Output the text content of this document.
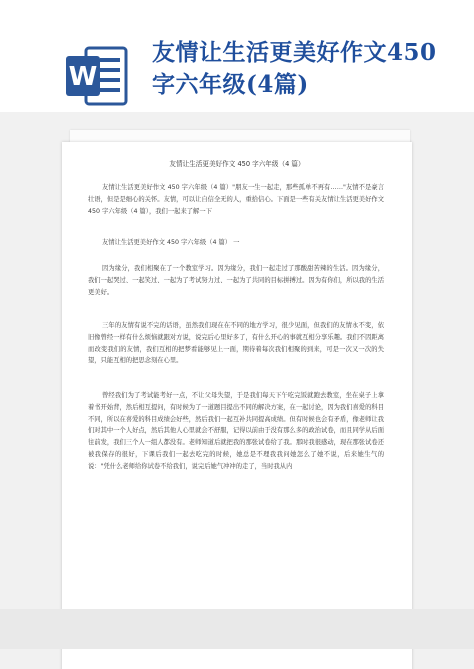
W
友情让生活更美好作文450字六年级(4篇)
友情让生活更美好作文 450 字六年级（4 篇）

友情让生活更美好作文 450 字六年级（4 篇）"朋友一生一起走，那些孤单不再有……"友情不是豪言壮语，但是是细心的关怀。友情，可以让自信全无的人，重拾信心。下面是一些有关友情让生活更美好作文 450 字六年级（4 篇），我们一起来了解一下

友情让生活更美好作文 450 字六年级（4 篇） 一

因为缘分，我们相聚在了一个教室学习。因为缘分，我们一起走过了那酸甜苦辣的生活。因为缘分，我们一起哭过、一起笑过、一起为了考试努力过、一起为了共同的目标拼搏过。因为有你们，所以我的生活更美好。

三年的友情有说不完的话语，虽然我们现在在不同的地方学习，很少见面，但我们的友情永不变，依旧像曾经一样有什么烦恼就跟对方说，说完后心里好多了，有什么开心的事就互相分享乐趣。我们不因距离而改变我们的友情，我们互相的把梦看能够见上一面，期待着每次我们相聚的到来，可是一次又一次的失望，只能互相的把思念刻在心里。

曾经我们为了考试能考好一点，不让父母失望，于是我们每天下午吃完饭就跑去教室，坐在桌子上拿着书开始背，然后相互提问，有时候为了一道题目提出不同的解决方案，在一起讨论，因为我们喜爱的科目不同，所以在喜爱的科目成绩会好些，然后我们一起互补共同提高成绩。但有时候也会有矛盾，像老师让我们对其中一个人好点，然后其他人心里就会不舒服，记得以前由于没有那么多的政治试卷，而且同学从后面往前发，我们三个人一组人都没有。老师知道后就把我的那张试卷给了我。那时我很感动，现在那张试卷还被我保存的很好，下课后我们一起去吃完的时候，她总是不理我我问她怎么了她不说，后来她生气的说："凭什么老师给你试卷不给我们，说完后她气冲冲的走了，当时我从内
